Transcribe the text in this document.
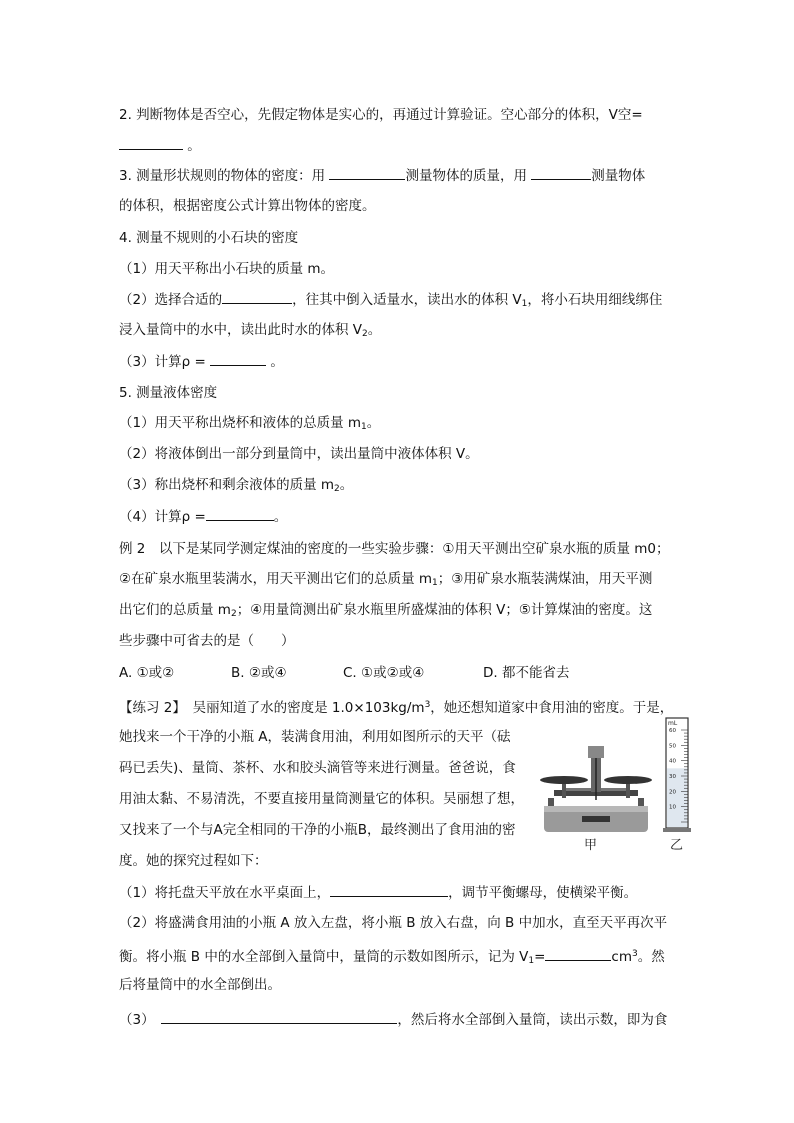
2. 判断物体是否空心，先假定物体是实心的，再通过计算验证。空心部分的体积，V空=
。
3. 测量形状规则的物体的密度：用	测量物体的质量，用	测量物体
的体积，根据密度公式计算出物体的密度。
4. 测量不规则的小石块的密度
（1）用天平称出小石块的质量 m。
（2）选择合适的	，往其中倒入适量水，读出水的体积 $V_1$，将小石块用细线绑住
浸入量筒中的水中，读出此时水的体积 $V_2$。
（3）计算ρ =	。
5. 测量液体密度
（1）用天平称出烧杯和液体的总质量 $m_1$。
（2）将液体倒出一部分到量筒中，读出量筒中液体体积 V。
（3）称出烧杯和剩余液体的质量 $m_2$。
（4）计算ρ =	。
例 2　以下是某同学测定煤油的密度的一些实验步骤：①用天平测出空矿泉水瓶的质量 m0；
②在矿泉水瓶里装满水，用天平测出它们的总质量 $m_1$；③用矿泉水瓶装满煤油，用天平测
出它们的总质量 $m_2$；④用量筒测出矿泉水瓶里所盛煤油的体积 V；⑤计算煤油的密度。这
些步骤中可省去的是（　　）
A. ①或②	B. ②或④	C. ①或②或④	D. 都不能省去
【练习 2】　吴丽知道了水的密度是 $1.0\times 103kg/m^3$，她还想知道家中食用油的密度。于是，
她找来一个干净的小瓶 A，装满食用油，利用如图所示的天平（砝
码已丢失)、量筒、茶杯、水和胶头滴管等来进行测量。爸爸说，食
用油太黏、不易清洗，不要直接用量筒测量它的体积。吴丽想了想，
又找来了一个与A完全相同的干净的小瓶B，最终测出了食用油的密
度。她的探究过程如下：
（1）将托盘天平放在水平桌面上，	，调节平衡螺母，使横梁平衡。
（2）将盛满食用油的小瓶 A 放入左盘，将小瓶 B 放入右盘，向 B 中加水，直至天平再次平
衡。将小瓶 B 中的水全部倒入量筒中，量筒的示数如图所示，记为 $V_1=$	$cm^3$。然
后将量筒中的水全部倒出。
（3）　	，然后将水全部倒入量筒，读出示数，即为食
甲
60
50
40
30
20
10
mL
乙
